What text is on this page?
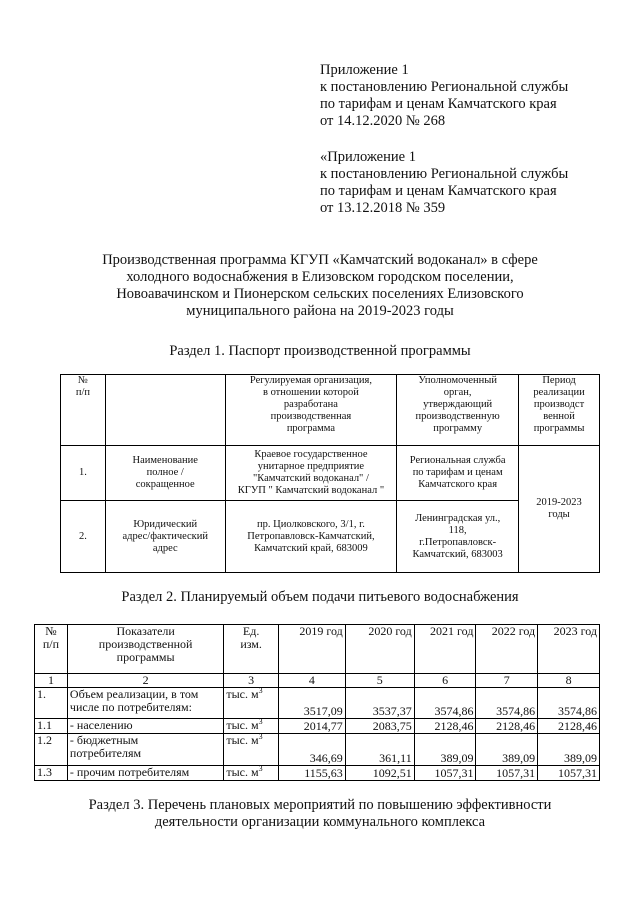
Приложение 1
к постановлению Региональной службы
по тарифам и ценам Камчатского края
от 14.12.2020 № 268
«Приложение 1
к постановлению Региональной службы
по тарифам и ценам Камчатского края
от 13.12.2018 № 359
Производственная программа КГУП «Камчатский водоканал» в сфере
холодного водоснабжения в Елизовском городском поселении,
Новоавачинском и Пионерском сельских поселениях Елизовского
муниципального района на 2019-2023 годы
Раздел 1. Паспорт производственной программы
№
п/п		Регулируемая организация,
в отношении которой
разработана
производственная
программа	Уполномоченный
орган,
утверждающий
производственную
программу	Период
реализации
производст
венной
программы

1.	Наименование
полное /
сокращенное	Краевое государственное
унитарное предприятие
"Камчатский водоканал" /
КГУП " Камчатский водоканал "	Региональная служба
по тарифам и ценам
Камчатского края	2019-2023
годы

2.	Юридический
адрес/фактический
адрес	пр. Циолковского, 3/1, г.
Петропавловск-Камчатский,
Камчатский край, 683009	Ленинградская ул.,
118,
г.Петропавловск-
Камчатский, 683003	
Раздел 2. Планируемый объем подачи питьевого водоснабжения
№
п/п	Показатели
производственной
программы	Ед.
изм.	2019 год	2020 год	2021 год	2022 год	2023 год
1	2	3	4	5	6	7	8
1.	Объем реализации, в том
числе по потребителям:	тыс. $м^3$	3517,09	3537,37	3574,86	3574,86	3574,86
1.1	- населению	тыс. $м^3$	2014,77	2083,75	2128,46	2128,46	2128,46
1.2	- бюджетным
потребителям	тыс. $м^3$	346,69	361,11	389,09	389,09	389,09
1.3	- прочим потребителям	тыс. $м^3$	1155,63	1092,51	1057,31	1057,31	1057,31
Раздел 3. Перечень плановых мероприятий по повышению эффективности
деятельности организации коммунального комплекса
